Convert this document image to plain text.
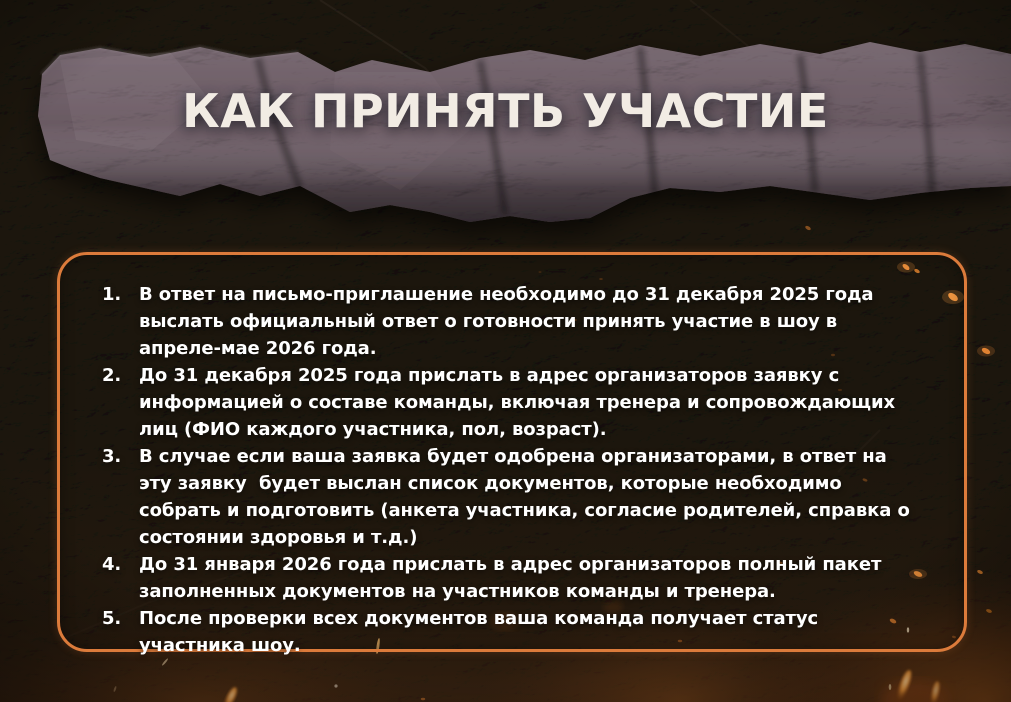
КАК ПРИНЯТЬ УЧАСТИЕ
1. В ответ на письмо-приглашение необходимо до 31 декабря 2025 года
выслать официальный ответ о готовности принять участие в шоу в
апреле-мае 2026 года.
2. До 31 декабря 2025 года прислать в адрес организаторов заявку с
информацией о составе команды, включая тренера и сопровождающих
лиц (ФИО каждого участника, пол, возраст).
3. В случае если ваша заявка будет одобрена организаторами, в ответ на
эту заявку  будет выслан список документов, которые необходимо
собрать и подготовить (анкета участника, согласие родителей, справка о
состоянии здоровья и т.д.)
4. До 31 января 2026 года прислать в адрес организаторов полный пакет
заполненных документов на участников команды и тренера.
5. После проверки всех документов ваша команда получает статус
участника шоу.
